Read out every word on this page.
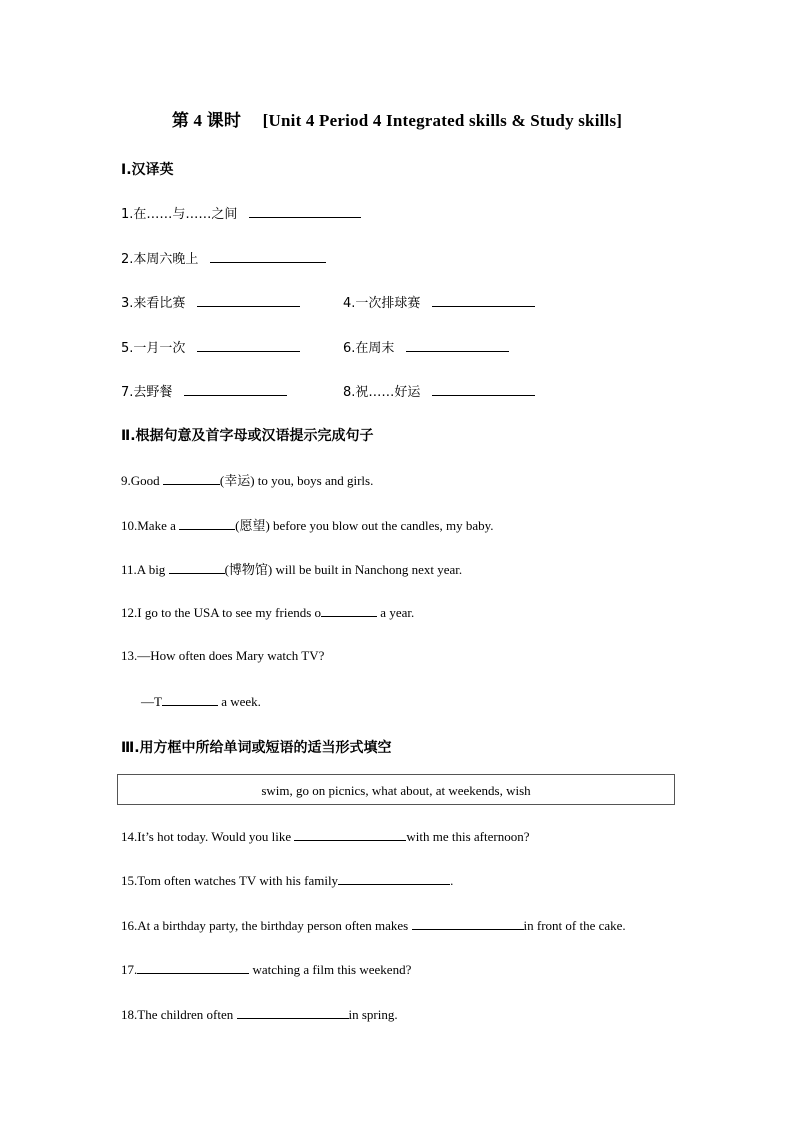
第 4 课时　 [Unit 4 Period 4 Integrated skills & Study skills]
Ⅰ.汉译英
1.在……与……之间
2.本周六晚上
3.来看比赛	4.一次排球赛
5.一月一次	6.在周末
7.去野餐	8.祝……好运
Ⅱ.根据句意及首字母或汉语提示完成句子
9.Good	(幸运) to you, boys and girls.
10.Make a	(愿望) before you blow out the candles, my baby.
11.A big	(博物馆) will be built in Nanchong next year.
12.I go to the USA to see my friends o	a year.
13.—How often does Mary watch TV?
—T	a week.
Ⅲ.用方框中所给单词或短语的适当形式填空
swim, go on picnics, what about, at weekends, wish
14.It’s hot today. Would you like	with me this afternoon?
15.Tom often watches TV with his family	.
16.At a birthday party, the birthday person often makes	in front of the cake.
17.	watching a film this weekend?
18.The children often	in spring.
